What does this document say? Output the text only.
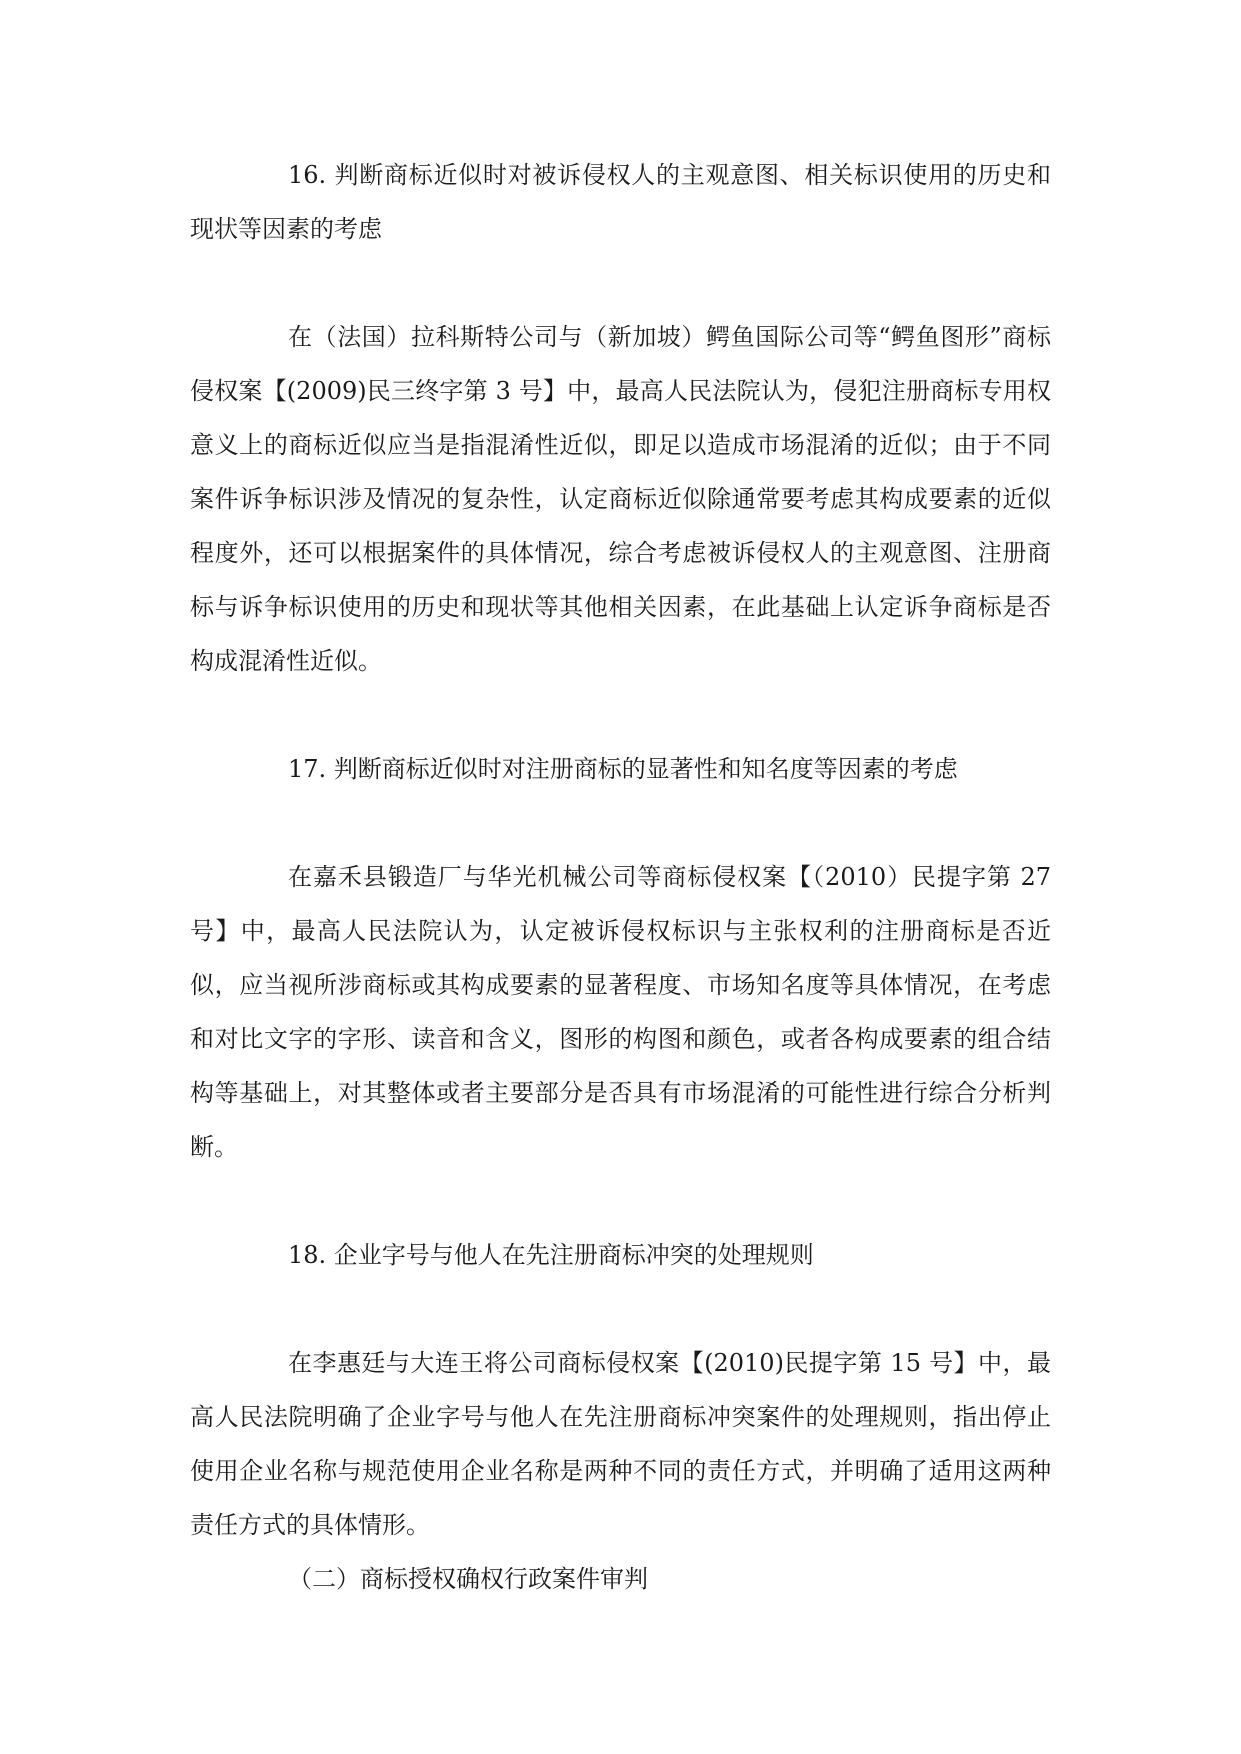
16. 判断商标近似时对被诉侵权人的主观意图、相关标识使用的历史和现状等因素的考虑

在（法国）拉科斯特公司与（新加坡）鳄鱼国际公司等“鳄鱼图形”商标侵权案【(2009)民三终字第 3 号】中，最高人民法院认为，侵犯注册商标专用权意义上的商标近似应当是指混淆性近似，即足以造成市场混淆的近似；由于不同案件诉争标识涉及情况的复杂性，认定商标近似除通常要考虑其构成要素的近似程度外，还可以根据案件的具体情况，综合考虑被诉侵权人的主观意图、注册商标与诉争标识使用的历史和现状等其他相关因素，在此基础上认定诉争商标是否构成混淆性近似。

17. 判断商标近似时对注册商标的显著性和知名度等因素的考虑

在嘉禾县锻造厂与华光机械公司等商标侵权案【（2010）民提字第 27 号】中，最高人民法院认为，认定被诉侵权标识与主张权利的注册商标是否近似，应当视所涉商标或其构成要素的显著程度、市场知名度等具体情况，在考虑和对比文字的字形、读音和含义，图形的构图和颜色，或者各构成要素的组合结构等基础上，对其整体或者主要部分是否具有市场混淆的可能性进行综合分析判断。

18. 企业字号与他人在先注册商标冲突的处理规则

在李惠廷与大连王将公司商标侵权案【(2010)民提字第 15 号】中，最高人民法院明确了企业字号与他人在先注册商标冲突案件的处理规则，指出停止使用企业名称与规范使用企业名称是两种不同的责任方式，并明确了适用这两种责任方式的具体情形。

（二）商标授权确权行政案件审判
